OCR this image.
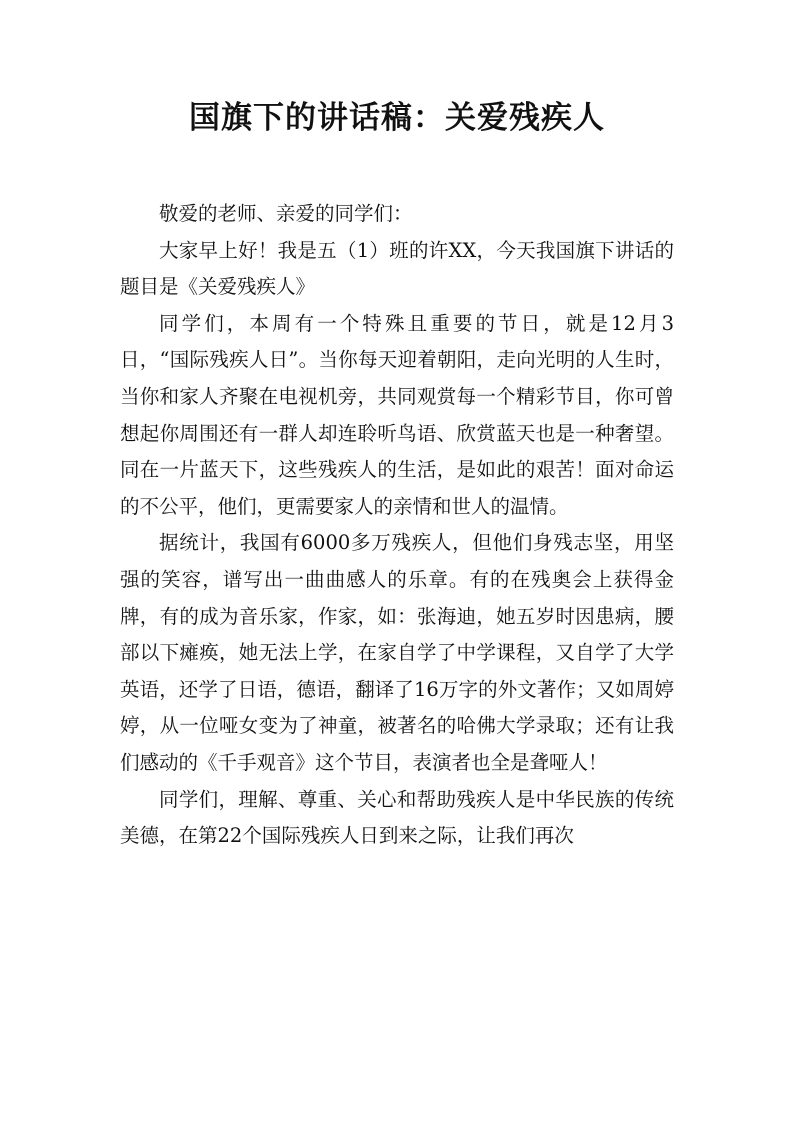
国旗下的讲话稿：关爱残疾人

敬爱的老师、亲爱的同学们：

大家早上好！我是五（1）班的许XX，今天我国旗下讲话的题目是《关爱残疾人》

同学们，本周有一个特殊且重要的节日，就是12月3日，“国际残疾人日”。当你每天迎着朝阳，走向光明的人生时，当你和家人齐聚在电视机旁，共同观赏每一个精彩节目，你可曾想起你周围还有一群人却连聆听鸟语、欣赏蓝天也是一种奢望。同在一片蓝天下，这些残疾人的生活，是如此的艰苦！面对命运的不公平，他们，更需要家人的亲情和世人的温情。

据统计，我国有6000多万残疾人，但他们身残志坚，用坚强的笑容，谱写出一曲曲感人的乐章。有的在残奥会上获得金牌，有的成为音乐家，作家，如：张海迪，她五岁时因患病，腰部以下瘫痪，她无法上学，在家自学了中学课程，又自学了大学英语，还学了日语，德语，翻译了16万字的外文著作；又如周婷婷，从一位哑女变为了神童，被著名的哈佛大学录取；还有让我们感动的《千手观音》这个节目，表演者也全是聋哑人！

同学们，理解、尊重、关心和帮助残疾人是中华民族的传统美德，在第22个国际残疾人日到来之际，让我们再次
